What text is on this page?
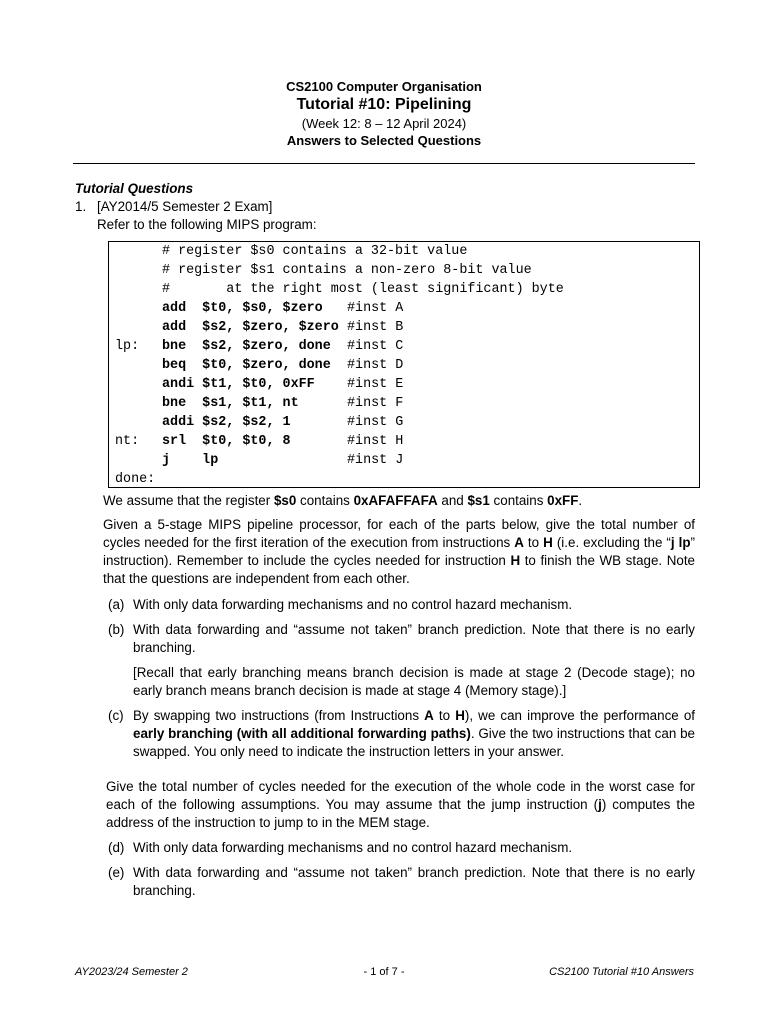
CS2100 Computer Organisation
Tutorial #10: Pipelining
(Week 12: 8 – 12 April 2024)
Answers to Selected Questions
Tutorial Questions
1. [AY2014/5 Semester 2 Exam]
Refer to the following MIPS program:
# register $s0 contains a 32-bit value
# register $s1 contains a non-zero 8-bit value
#       at the right most (least significant) byte
add  $t0, $s0, $zero #inst A
add  $s2, $zero, $zero #inst B
lp: bne  $s2, $zero, done #inst C
beq  $t0, $zero, done #inst D
andi $t1, $t0, 0xFF #inst E
bne  $s1, $t1, nt	#inst F
addi $s2, $s2, 1	#inst G
nt: srl  $t0, $t0, 8	#inst H
j    lp	#inst J
done:
We assume that the register $s0 contains 0xAFAFFAFA and $s1 contains 0xFF.
Given a 5-stage MIPS pipeline processor, for each of the parts below, give the total number of cycles needed for the first iteration of the execution from instructions A to H (i.e. excluding the “j lp” instruction). Remember to include the cycles needed for instruction H to finish the WB stage. Note that the questions are independent from each other.
(a) With only data forwarding mechanisms and no control hazard mechanism.
(b) With data forwarding and “assume not taken” branch prediction. Note that there is no early branching.
[Recall that early branching means branch decision is made at stage 2 (Decode stage); no early branch means branch decision is made at stage 4 (Memory stage).]
(c) By swapping two instructions (from Instructions A to H), we can improve the performance of early branching (with all additional forwarding paths). Give the two instructions that can be swapped. You only need to indicate the instruction letters in your answer.
Give the total number of cycles needed for the execution of the whole code in the worst case for each of the following assumptions. You may assume that the jump instruction (j) computes the address of the instruction to jump to in the MEM stage.
(d) With only data forwarding mechanisms and no control hazard mechanism.
(e) With data forwarding and “assume not taken” branch prediction. Note that there is no early branching.
AY2023/24 Semester 2	- 1 of 7 -	CS2100 Tutorial #10 Answers
